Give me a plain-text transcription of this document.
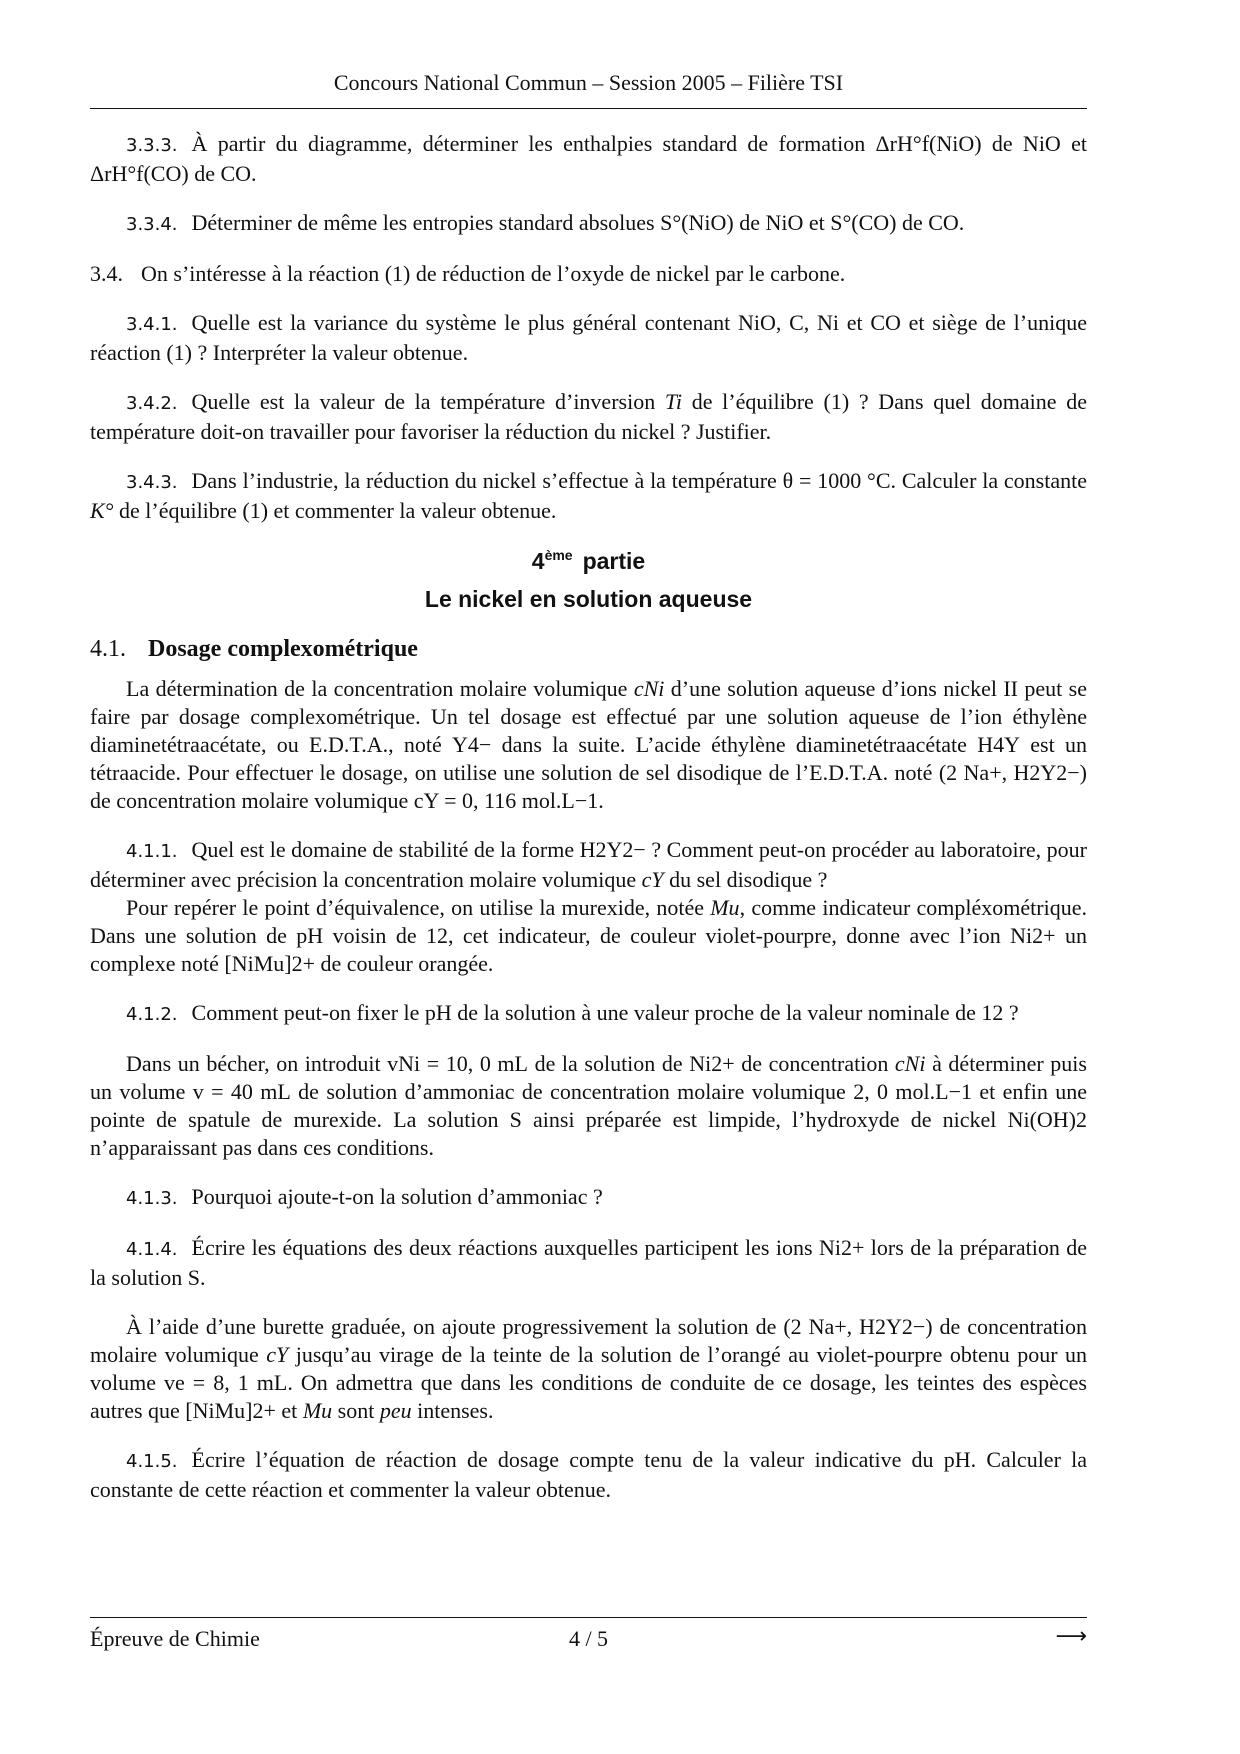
Concours National Commun – Session 2005 – Filière TSI

3.3.3. À partir du diagramme, déterminer les enthalpies standard de formation ΔrH°f(NiO) de NiO et ΔrH°f(CO) de CO.

3.3.4. Déterminer de même les entropies standard absolues S°(NiO) de NiO et S°(CO) de CO.

3.4. On s’intéresse à la réaction (1) de réduction de l’oxyde de nickel par le carbone.

3.4.1. Quelle est la variance du système le plus général contenant NiO, C, Ni et CO et siège de l’unique réaction (1) ? Interpréter la valeur obtenue.

3.4.2. Quelle est la valeur de la température d’inversion Ti de l’équilibre (1) ? Dans quel domaine de température doit-on travailler pour favoriser la réduction du nickel ? Justifier.

3.4.3. Dans l’industrie, la réduction du nickel s’effectue à la température θ = 1000 °C. Calculer la constante K° de l’équilibre (1) et commenter la valeur obtenue.

4ème partie
Le nickel en solution aqueuse
4.1. Dosage complexométrique

La détermination de la concentration molaire volumique cNi d’une solution aqueuse d’ions nickel II peut se faire par dosage complexométrique. Un tel dosage est effectué par une solution aqueuse de l’ion éthylène diaminetétraacétate, ou E.D.T.A., noté Y4− dans la suite. L’acide éthylène diaminetétraacétate H4Y est un tétraacide. Pour effectuer le dosage, on utilise une solution de sel disodique de l’E.D.T.A. noté (2 Na+, H2Y2−) de concentration molaire volumique cY = 0, 116 mol.L−1.

4.1.1. Quel est le domaine de stabilité de la forme H2Y2− ? Comment peut-on procéder au laboratoire, pour déterminer avec précision la concentration molaire volumique cY du sel disodique ?

Pour repérer le point d’équivalence, on utilise la murexide, notée Mu, comme indicateur compléxométrique. Dans une solution de pH voisin de 12, cet indicateur, de couleur violet-pourpre, donne avec l’ion Ni2+ un complexe noté [NiMu]2+ de couleur orangée.

4.1.2. Comment peut-on fixer le pH de la solution à une valeur proche de la valeur nominale de 12 ?

Dans un bécher, on introduit vNi = 10, 0 mL de la solution de Ni2+ de concentration cNi à déterminer puis un volume v = 40 mL de solution d’ammoniac de concentration molaire volumique 2, 0 mol.L−1 et enfin une pointe de spatule de murexide. La solution S ainsi préparée est limpide, l’hydroxyde de nickel Ni(OH)2 n’apparaissant pas dans ces conditions.

4.1.3. Pourquoi ajoute-t-on la solution d’ammoniac ?

4.1.4. Écrire les équations des deux réactions auxquelles participent les ions Ni2+ lors de la préparation de la solution S.

À l’aide d’une burette graduée, on ajoute progressivement la solution de (2 Na+, H2Y2−) de concentration molaire volumique cY jusqu’au virage de la teinte de la solution de l’orangé au violet-pourpre obtenu pour un volume ve = 8, 1 mL. On admettra que dans les conditions de conduite de ce dosage, les teintes des espèces autres que [NiMu]2+ et Mu sont peu intenses.

4.1.5. Écrire l’équation de réaction de dosage compte tenu de la valeur indicative du pH. Calculer la constante de cette réaction et commenter la valeur obtenue.

Épreuve de Chimie	4 / 5	⟶
